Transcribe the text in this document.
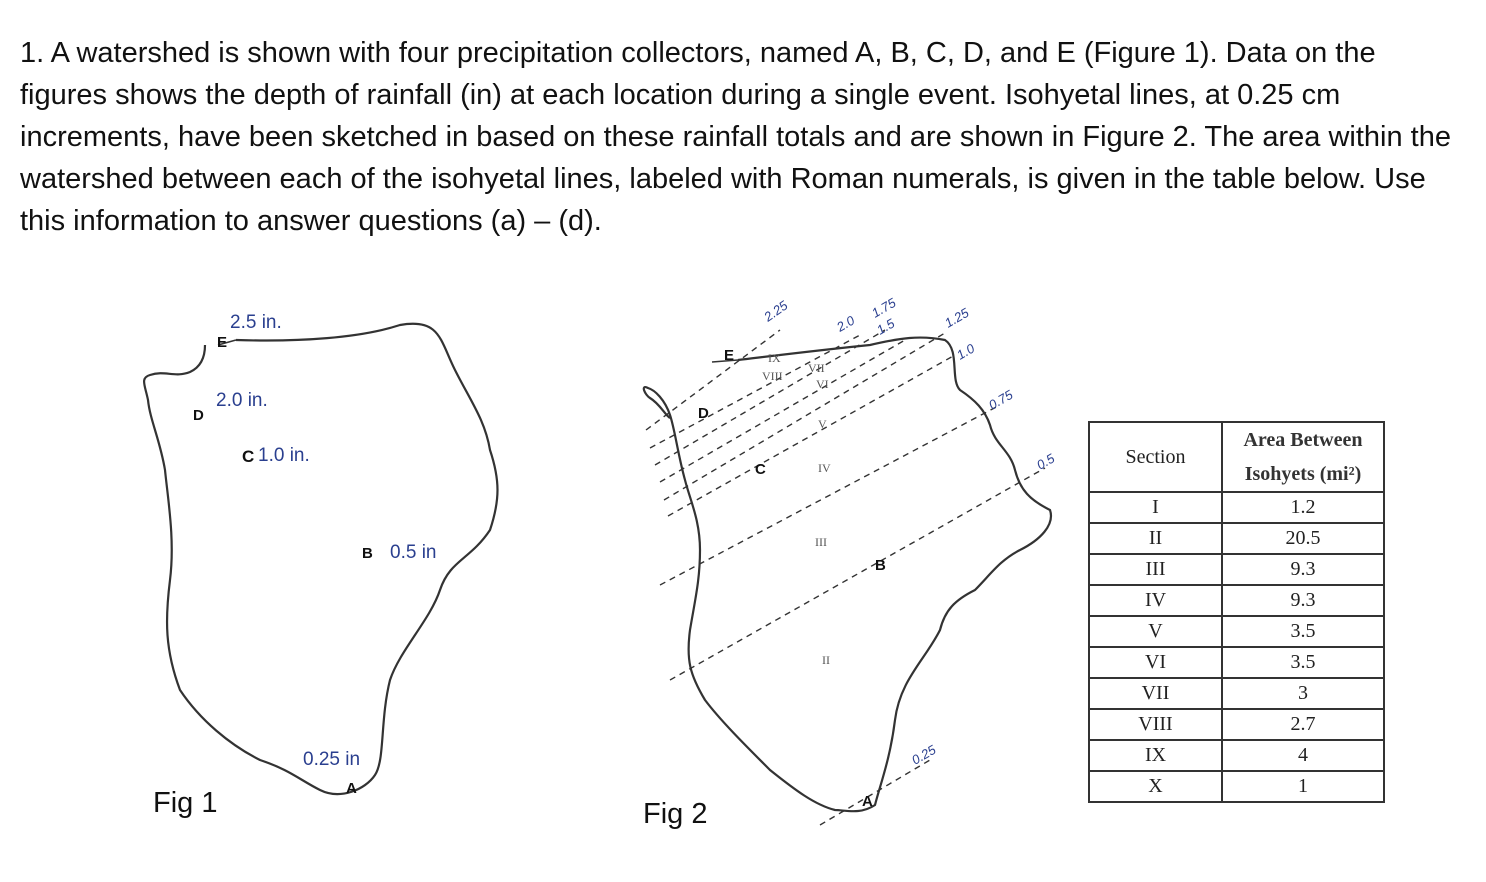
1. A watershed is shown with four precipitation collectors, named A, B, C, D, and E (Figure 1). Data on the figures shows the depth of rainfall (in) at each location during a single event. Isohyetal lines, at 0.25 cm increments, have been sketched in based on these rainfall totals and are shown in Figure 2. The area within the watershed between each of the isohyetal lines, labeled with Roman numerals, is given in the table below. Use this information to answer questions (a) – (d).
E
2.5 in.
D
2.0 in.
C 1.0 in.
B 0.5 in
0.25 in
A
Fig 1
2.25	2.0
1.75
1.5	1.25
1.0
0.75
0.5
0.25
IX
VIII
VII
VI
V
IV
III
II
E
D
C
B
A
Fig 2
Section	Area Between
Isohyets (mi²)

I	1.2
II	20.5
III	9.3
IV	9.3
V	3.5
VI	3.5
VII	3
VIII	2.7
IX	4
X	1
